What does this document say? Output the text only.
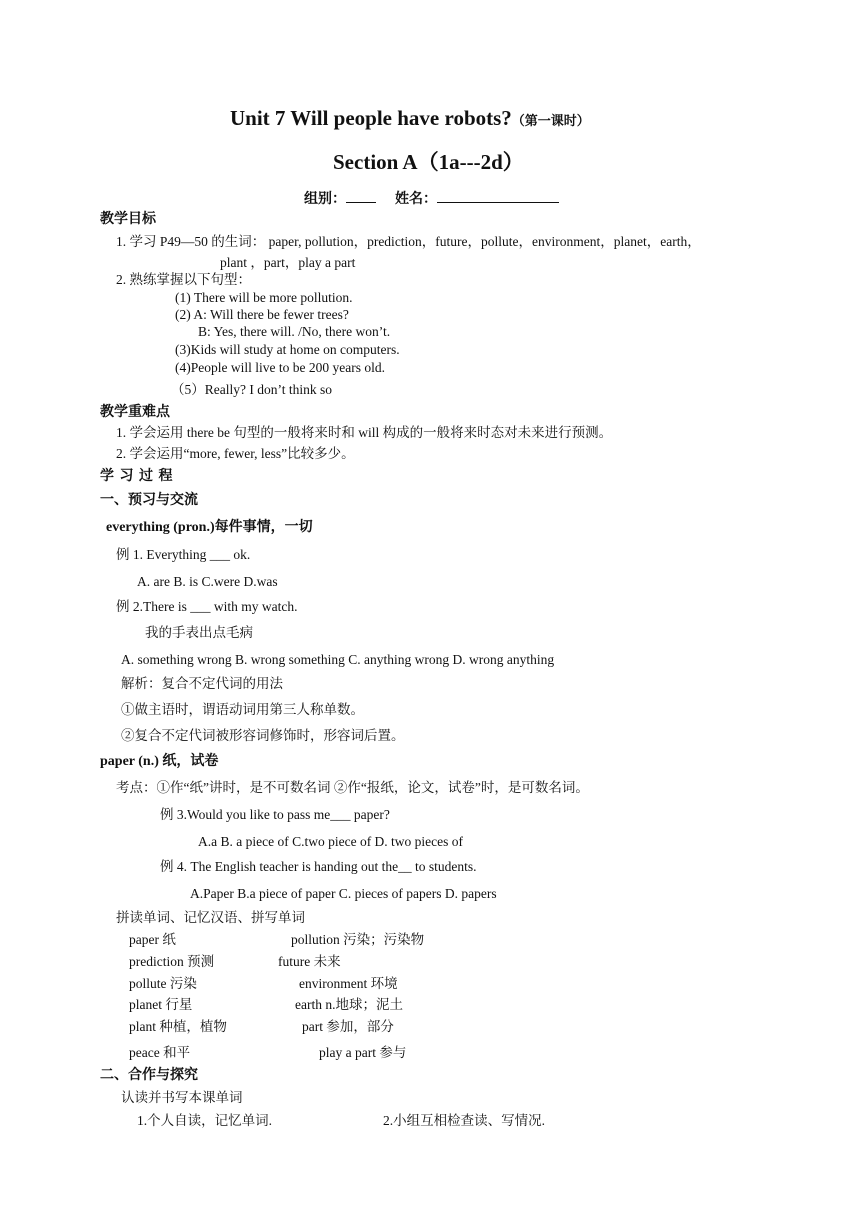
Unit 7 Will people have robots?（第一课时）
Section A（1a---2d）
组别：	姓名：
教学目标
1. 学习 P49—50 的生词： paper, pollution，prediction，future，pollute，environment，planet，earth，
plant ，part，play a part
2. 熟练掌握以下句型：
(1) There will be more pollution.
(2) A: Will there be fewer trees?
B: Yes, there will. /No, there won’t.
(3)Kids will study at home on computers.
(4)People will live to be 200 years old.
（5）Really? I don’t think so
教学重难点
1. 学会运用 there be 句型的一般将来时和 will 构成的一般将来时态对未来进行预测。
2. 学会运用“more, fewer, less”比较多少。
学 习 过 程
一、预习与交流
everything (pron.)每件事情，一切
例 1. Everything ___ ok.
A. are B. is C.were D.was
例 2.There is ___ with my watch.
我的手表出点毛病
A. something wrong B. wrong something C. anything wrong D. wrong anything
解析：复合不定代词的用法
①做主语时，谓语动词用第三人称单数。
②复合不定代词被形容词修饰时，形容词后置。
paper (n.) 纸，试卷
考点：①作“纸”讲时，是不可数名词 ②作“报纸，论文，试卷”时，是可数名词。
例 3.Would you like to pass me___ paper?
A.a B. a piece of C.two piece of D. two pieces of
例 4. The English teacher is handing out the__ to students.
A.Paper B.a piece of paper C. pieces of papers D. papers
拼读单词、记忆汉语、拼写单词
paper 纸
prediction 预测
pollute 污染
planet 行星
plant 种植，植物
peace 和平
pollution 污染；污染物
future 未来
environment 环境
earth n.地球；泥土
part 参加，部分
play a part 参与
二、合作与探究
认读并书写本课单词
1.个人自读，记忆单词.	2.小组互相检查读、写情况.
